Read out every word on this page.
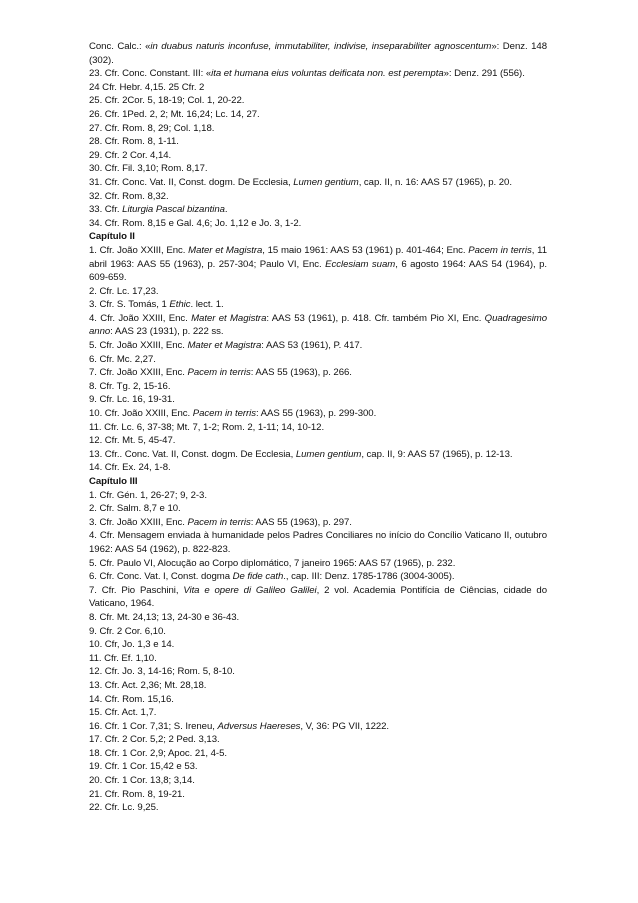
Conc. Calc.: «in duabus naturis inconfuse, immutabiliter, indivise, inseparabiliter agnoscentum»: Denz. 148 (302).

23. Cfr. Conc. Constant. III: «ita et humana eius voluntas deificata non. est perempta»: Denz. 291 (556).

24 Cfr. Hebr. 4,15. 25 Cfr. 2

25. Cfr. 2Cor. 5, 18-19; Col. 1, 20-22.

26. Cfr. 1Ped. 2, 2; Mt. 16,24; Lc. 14, 27.

27. Cfr. Rom. 8, 29; Col. 1,18.

28. Cfr. Rom. 8, 1-11.

29. Cfr. 2 Cor. 4,14.

30. Cfr. Fil. 3,10; Rom. 8,17.

31. Cfr. Conc. Vat. II, Const. dogm. De Ecclesia, Lumen gentium, cap. II, n. 16: AAS 57 (1965), p. 20.

32. Cfr. Rom. 8,32.

33. Cfr. Liturgia Pascal bizantina.

34. Cfr. Rom. 8,15 e Gal. 4,6; Jo. 1,12 e Jo. 3, 1-2.

Capítulo II

1. Cfr. João XXIII, Enc. Mater et Magistra, 15 maio 1961: AAS 53 (1961) p. 401-464; Enc. Pacem in terris, 11 abril 1963: AAS 55 (1963), p. 257-304; Paulo VI, Enc. Ecclesiam suam, 6 agosto 1964: AAS 54 (1964), p. 609-659.

2. Cfr. Lc. 17,23.

3. Cfr. S. Tomás, 1 Ethic. lect. 1.

4. Cfr. João XXIII, Enc. Mater et Magistra: AAS 53 (1961), p. 418. Cfr. também Pio XI, Enc. Quadragesimo anno: AAS 23 (1931), p. 222 ss.

5. Cfr. João XXIII, Enc. Mater et Magistra: AAS 53 (1961), P. 417.

6. Cfr. Mc. 2,27.

7. Cfr. João XXIII, Enc. Pacem in terris: AAS 55 (1963), p. 266.

8. Cfr. Tg. 2, 15-16.

9. Cfr. Lc. 16, 19-31.

10. Cfr. João XXIII, Enc. Pacem in terris: AAS 55 (1963), p. 299-300.

11. Cfr. Lc. 6, 37-38; Mt. 7, 1-2; Rom. 2, 1-11; 14, 10-12.

12. Cfr. Mt. 5, 45-47.

13. Cfr.. Conc. Vat. II, Const. dogm. De Ecclesia, Lumen gentium, cap. II, 9: AAS 57 (1965), p. 12-13.

14. Cfr. Ex. 24, 1-8.

Capítulo III

1. Cfr. Gén. 1, 26-27; 9, 2-3.

2. Cfr. Salm. 8,7 e 10.

3. Cfr. João XXIII, Enc. Pacem in terris: AAS 55 (1963), p. 297.

4. Cfr. Mensagem enviada à humanidade pelos Padres Conciliares no início do Concílio Vaticano II, outubro 1962: AAS 54 (1962), p. 822-823.

5. Cfr. Paulo VI, Alocução ao Corpo diplomático, 7 janeiro 1965: AAS 57 (1965), p. 232.

6. Cfr. Conc. Vat. I, Const. dogma De fide cath., cap. III: Denz. 1785-1786 (3004-3005).

7. Cfr. Pio Paschini, Vita e opere di Galileo Galilei, 2 vol. Academia Pontifícia de Ciências, cidade do Vaticano, 1964.

8. Cfr. Mt. 24,13; 13, 24-30 e 36-43.

9. Cfr. 2 Cor. 6,10.

10. Cfr, Jo. 1,3 e 14.

11. Cfr. Ef. 1,10.

12. Cfr. Jo. 3, 14-16; Rom. 5, 8-10.

13. Cfr. Act. 2,36; Mt. 28,18.

14. Cfr. Rom. 15,16.

15. Cfr. Act. 1,7.

16. Cfr. 1 Cor. 7,31; S. Ireneu, Adversus Haereses, V, 36: PG VII, 1222.

17. Cfr. 2 Cor. 5,2; 2 Ped. 3,13.

18. Cfr. 1 Cor. 2,9; Apoc. 21, 4-5.

19. Cfr. 1 Cor. 15,42 e 53.

20. Cfr. 1 Cor. 13,8; 3,14.

21. Cfr. Rom. 8, 19-21.

22. Cfr. Lc. 9,25.
